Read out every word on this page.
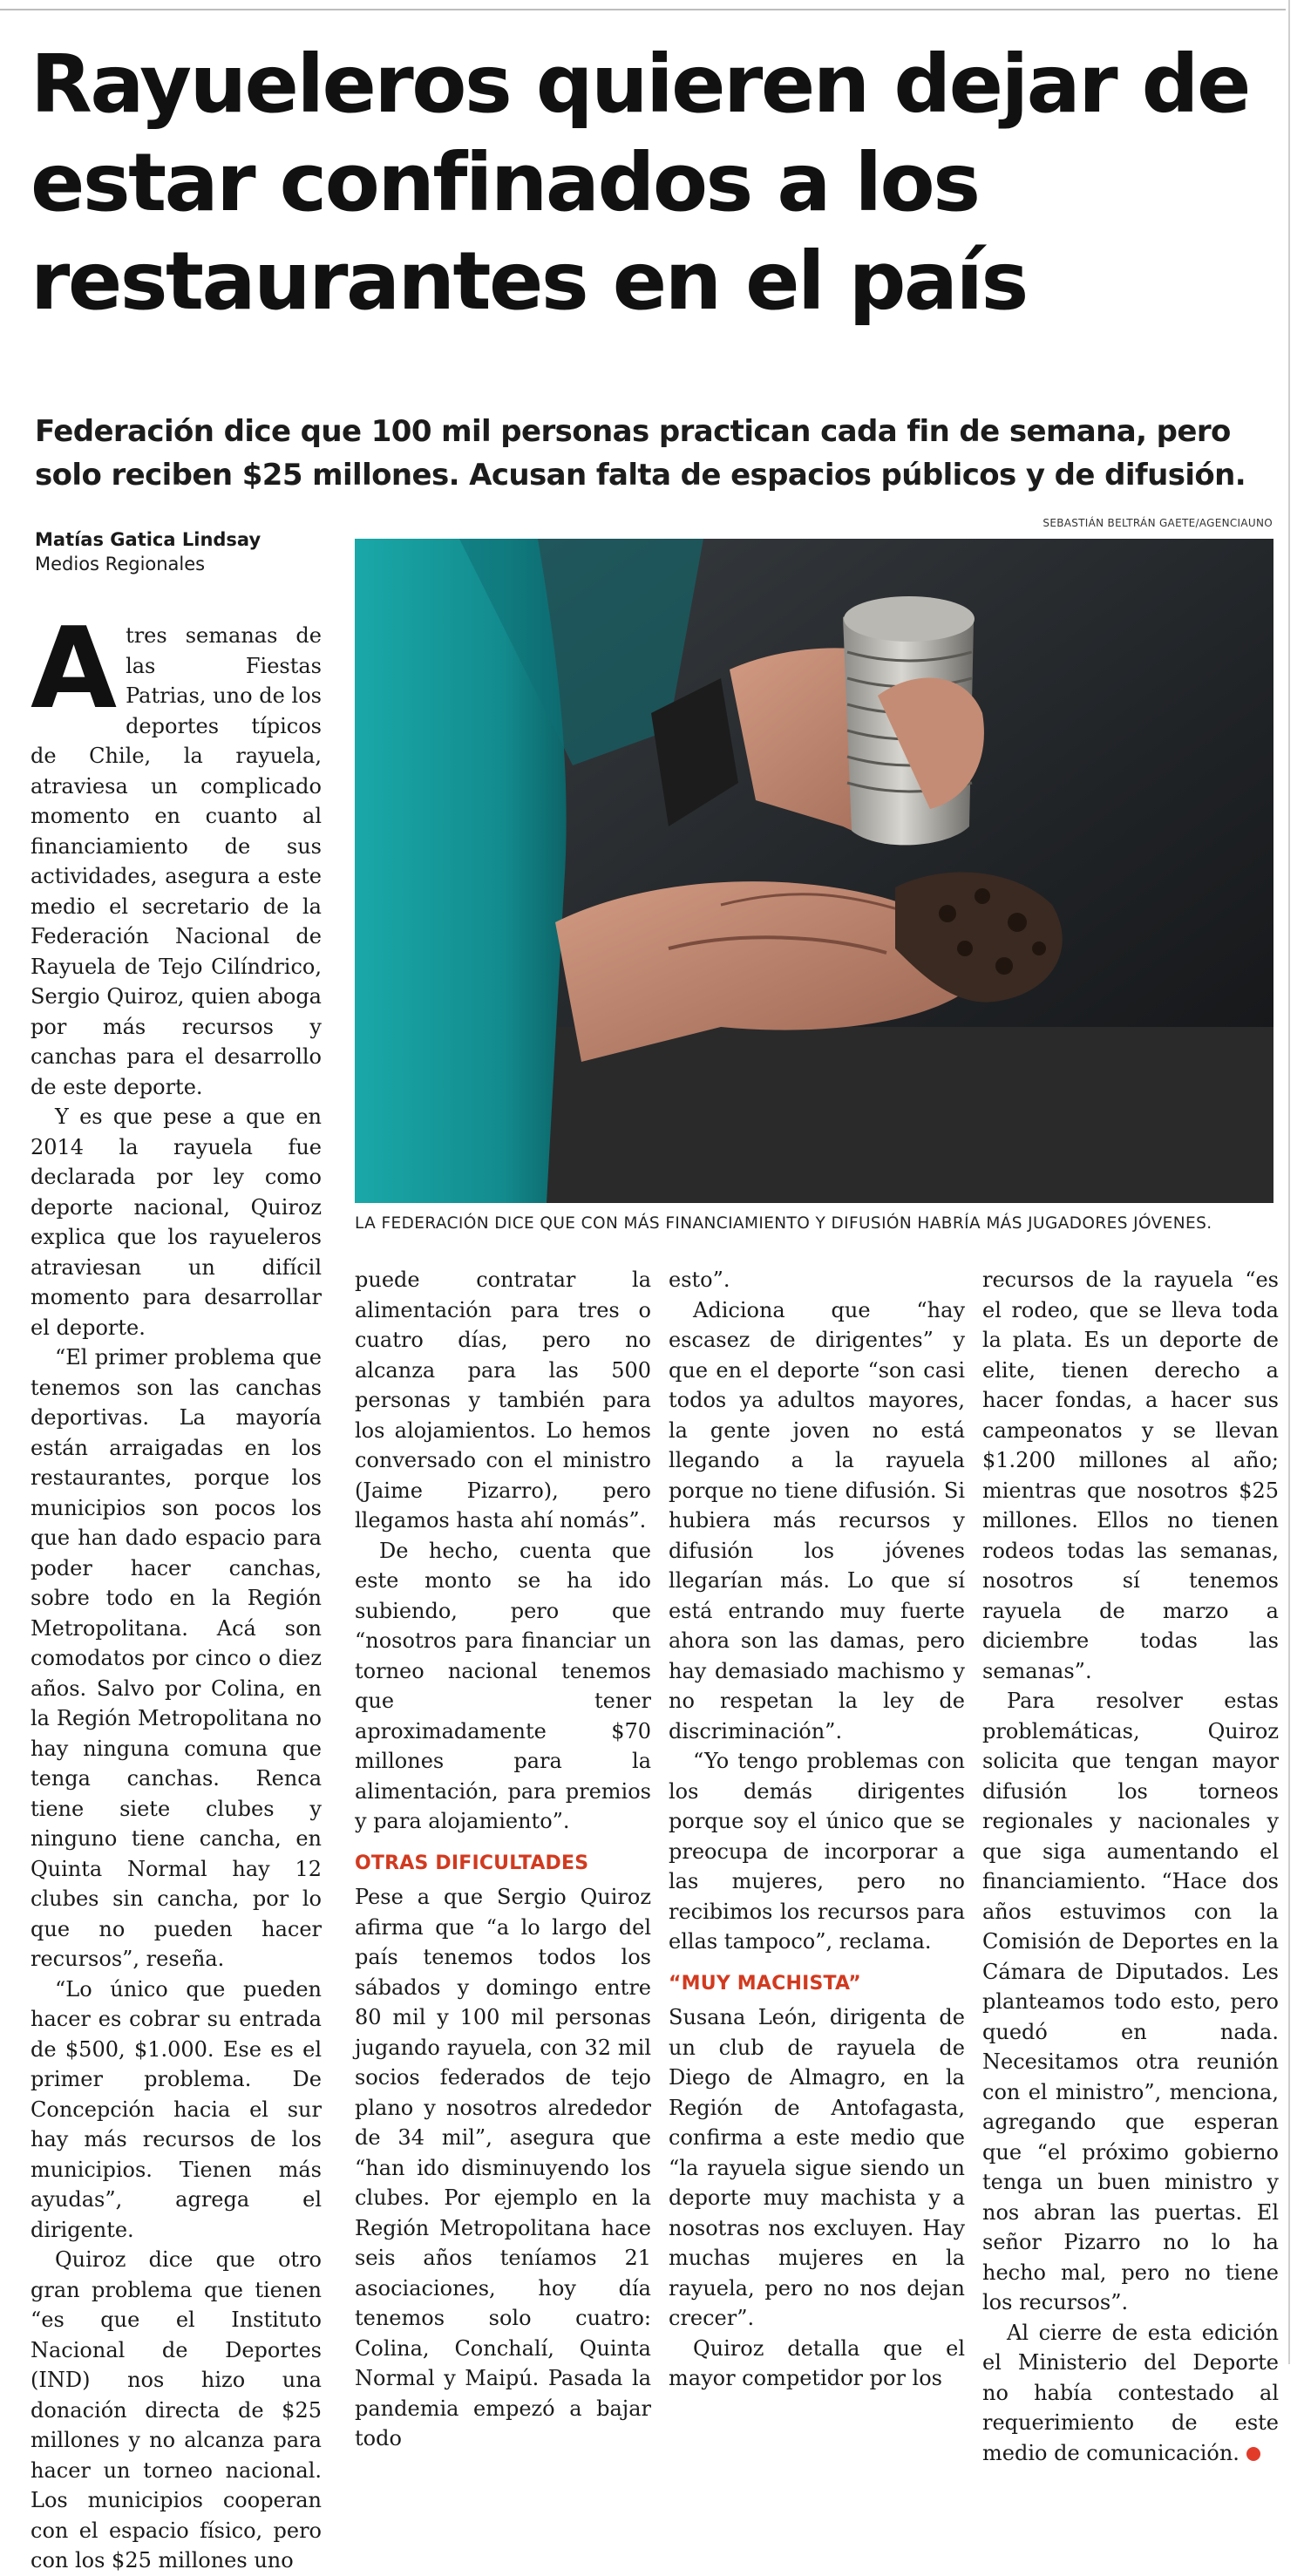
Rayueleros quieren dejar de estar confinados a los restaurantes en el país

Federación dice que 100 mil personas practican cada fin de semana, pero solo reciben $25 millones. Acusan falta de espacios públicos y de difusión.

Matías Gatica Lindsay
Medios Regionales
SEBASTIÁN BELTRÁN GAETE/AGENCIAUNO
LA FEDERACIÓN DICE QUE CON MÁS FINANCIAMIENTO Y DIFUSIÓN HABRÍA MÁS JUGADORES JÓVENES.
A tres semanas de las Fiestas Patrias, uno de los deportes típicos de Chile, la rayuela, atraviesa un complicado momento en cuanto al financiamiento de sus actividades, asegura a este medio el secretario de la Federación Nacional de Rayuela de Tejo Cilíndrico, Sergio Quiroz, quien aboga por más recursos y canchas para el desarrollo de este deporte.

Y es que pese a que en 2014 la rayuela fue declarada por ley como deporte nacional, Quiroz explica que los rayueleros atraviesan un difícil momento para desarrollar el deporte.

“El primer problema que tenemos son las canchas deportivas. La mayoría están arraigadas en los restaurantes, porque los municipios son pocos los que han dado espacio para poder hacer canchas, sobre todo en la Región Metropolitana. Acá son comodatos por cinco o diez años. Salvo por Colina, en la Región Metropolitana no hay ninguna comuna que tenga canchas. Renca tiene siete clubes y ninguno tiene cancha, en Quinta Normal hay 12 clubes sin cancha, por lo que no pueden hacer recursos”, reseña.

“Lo único que pueden hacer es cobrar su entrada de $500, $1.000. Ese es el primer problema. De Concepción hacia el sur hay más recursos de los municipios. Tienen más ayudas”, agrega el dirigente.

Quiroz dice que otro gran problema que tienen “es que el Instituto Nacional de Deportes (IND) nos hizo una donación directa de $25 millones y no alcanza para hacer un torneo nacional. Los municipios cooperan con el espacio físico, pero con los $25 millones uno

puede contratar la alimentación para tres o cuatro días, pero no alcanza para las 500 personas y también para los alojamientos. Lo hemos conversado con el ministro (Jaime Pizarro), pero llegamos hasta ahí nomás”.

De hecho, cuenta que este monto se ha ido subiendo, pero que “nosotros para financiar un torneo nacional tenemos que tener aproximadamente $70 millones para la alimentación, para premios y para alojamiento”.

OTRAS DIFICULTADES

Pese a que Sergio Quiroz afirma que “a lo largo del país tenemos todos los sábados y domingo entre 80 mil y 100 mil personas jugando rayuela, con 32 mil socios federados de tejo plano y nosotros alrededor de 34 mil”, asegura que “han ido disminuyendo los clubes. Por ejemplo en la Región Metropolitana hace seis años teníamos 21 asociaciones, hoy día tenemos solo cuatro: Colina, Conchalí, Quinta Normal y Maipú. Pasada la pandemia empezó a bajar todo

esto”.

Adiciona que “hay escasez de dirigentes” y que en el deporte “son casi todos ya adultos mayores, la gente joven no está llegando a la rayuela porque no tiene difusión. Si hubiera más recursos y difusión los jóvenes llegarían más. Lo que sí está entrando muy fuerte ahora son las damas, pero hay demasiado machismo y no respetan la ley de discriminación”.

“Yo tengo problemas con los demás dirigentes porque soy el único que se preocupa de incorporar a las mujeres, pero no recibimos los recursos para ellas tampoco”, reclama.

“MUY MACHISTA”

Susana León, dirigenta de un club de rayuela de Diego de Almagro, en la Región de Antofagasta, confirma a este medio que “la rayuela sigue siendo un deporte muy machista y a nosotras nos excluyen. Hay muchas mujeres en la rayuela, pero no nos dejan crecer”.

Quiroz detalla que el mayor competidor por los

recursos de la rayuela “es el rodeo, que se lleva toda la plata. Es un deporte de elite, tienen derecho a hacer fondas, a hacer sus campeonatos y se llevan $1.200 millones al año; mientras que nosotros $25 millones. Ellos no tienen rodeos todas las semanas, nosotros sí tenemos rayuela de marzo a diciembre todas las semanas”.

Para resolver estas problemáticas, Quiroz solicita que tengan mayor difusión los torneos regionales y nacionales y que siga aumentando el financiamiento. “Hace dos años estuvimos con la Comisión de Deportes en la Cámara de Diputados. Les planteamos todo esto, pero quedó en nada. Necesitamos otra reunión con el ministro”, menciona, agregando que esperan que “el próximo gobierno tenga un buen ministro y nos abran las puertas. El señor Pizarro no lo ha hecho mal, pero no tiene los recursos”.

Al cierre de esta edición el Ministerio del Deporte no había contestado al requerimiento de este medio de comunicación.	✪
